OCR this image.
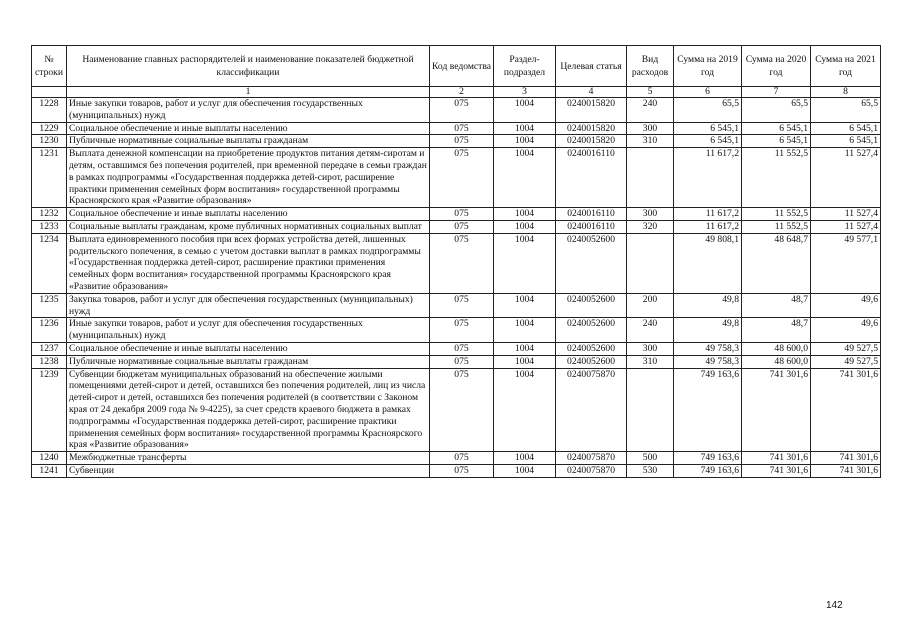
№ строки	Наименование главных распорядителей и наименование показателей бюджетной классификации	Код ведомства	Раздел-подраздел	Целевая статья	Вид расходов	Сумма на 2019 год	Сумма на 2020 год	Сумма на 2021 год
	1	2	3	4	5	6	7	8
1228	Иные закупки товаров, работ и услуг для обеспечения государственных (муниципальных) нужд	075	1004	0240015820	240	65,5	65,5	65,5
1229	Социальное обеспечение и иные выплаты населению	075	1004	0240015820	300	6 545,1	6 545,1	6 545,1
1230	Публичные нормативные социальные выплаты гражданам	075	1004	0240015820	310	6 545,1	6 545,1	6 545,1
1231	Выплата денежной компенсации на приобретение продуктов питания детям-сиротам и детям, оставшимся без попечения родителей, при временной передаче в семьи граждан в рамках подпрограммы «Государственная поддержка детей-сирот, расширение практики применения семейных форм воспитания» государственной программы Красноярского края «Развитие образования»	075	1004	0240016110		11 617,2	11 552,5	11 527,4
1232	Социальное обеспечение и иные выплаты населению	075	1004	0240016110	300	11 617,2	11 552,5	11 527,4
1233	Социальные выплаты гражданам, кроме публичных нормативных социальных выплат	075	1004	0240016110	320	11 617,2	11 552,5	11 527,4
1234	Выплата единовременного пособия при всех формах устройства детей, лишенных родительского попечения, в семью с учетом доставки выплат в рамках подпрограммы «Государственная поддержка детей-сирот, расширение практики применения семейных форм воспитания» государственной программы Красноярского края «Развитие образования»	075	1004	0240052600		49 808,1	48 648,7	49 577,1
1235	Закупка товаров, работ и услуг для обеспечения государственных (муниципальных) нужд	075	1004	0240052600	200	49,8	48,7	49,6
1236	Иные закупки товаров, работ и услуг для обеспечения государственных (муниципальных) нужд	075	1004	0240052600	240	49,8	48,7	49,6
1237	Социальное обеспечение и иные выплаты населению	075	1004	0240052600	300	49 758,3	48 600,0	49 527,5
1238	Публичные нормативные социальные выплаты гражданам	075	1004	0240052600	310	49 758,3	48 600,0	49 527,5
1239	Субвенции бюджетам муниципальных образований на обеспечение жилыми помещениями детей-сирот и детей, оставшихся без попечения родителей, лиц из числа детей-сирот и детей, оставшихся без попечения родителей (в соответствии с Законом края от 24 декабря 2009 года № 9-4225), за счет средств краевого бюджета в рамках подпрограммы «Государственная поддержка детей-сирот, расширение практики применения семейных форм воспитания» государственной программы Красноярского края «Развитие образования»	075	1004	0240075870		749 163,6	741 301,6	741 301,6
1240	Межбюджетные трансферты	075	1004	0240075870	500	749 163,6	741 301,6	741 301,6
1241	Субвенции	075	1004	0240075870	530	749 163,6	741 301,6	741 301,6
142
